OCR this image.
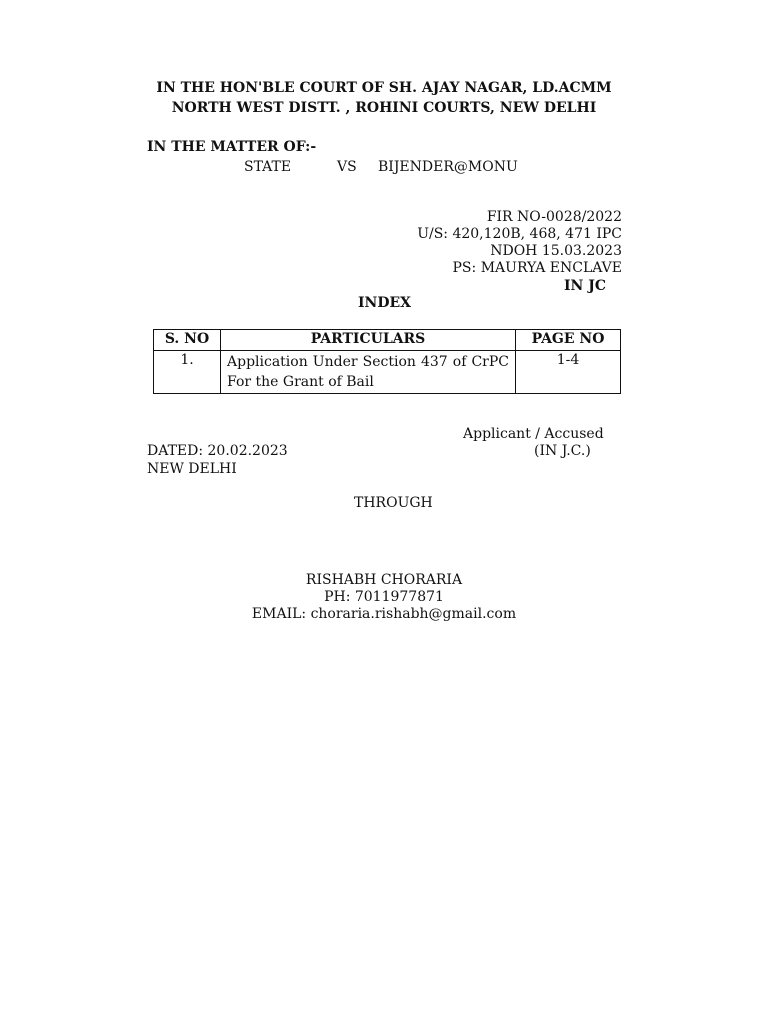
IN THE HON'BLE COURT OF SH. AJAY NAGAR, LD.ACMM
NORTH WEST DISTT. , ROHINI COURTS, NEW DELHI
IN THE MATTER OF:-
STATE	VS BIJENDER@MONU
FIR NO-0028/2022
U/S: 420,120B, 468, 471 IPC
NDOH 15.03.2023
PS: MAURYA ENCLAVE
IN JC
INDEX
S. NO	PARTICULARS	PAGE NO
1.	Application Under Section 437 of CrPC For the Grant of Bail	1-4
Applicant / Accused
DATED: 20.02.2023	(IN J.C.)
NEW DELHI
THROUGH
RISHABH CHORARIA
PH: 7011977871
EMAIL: choraria.rishabh@gmail.com
